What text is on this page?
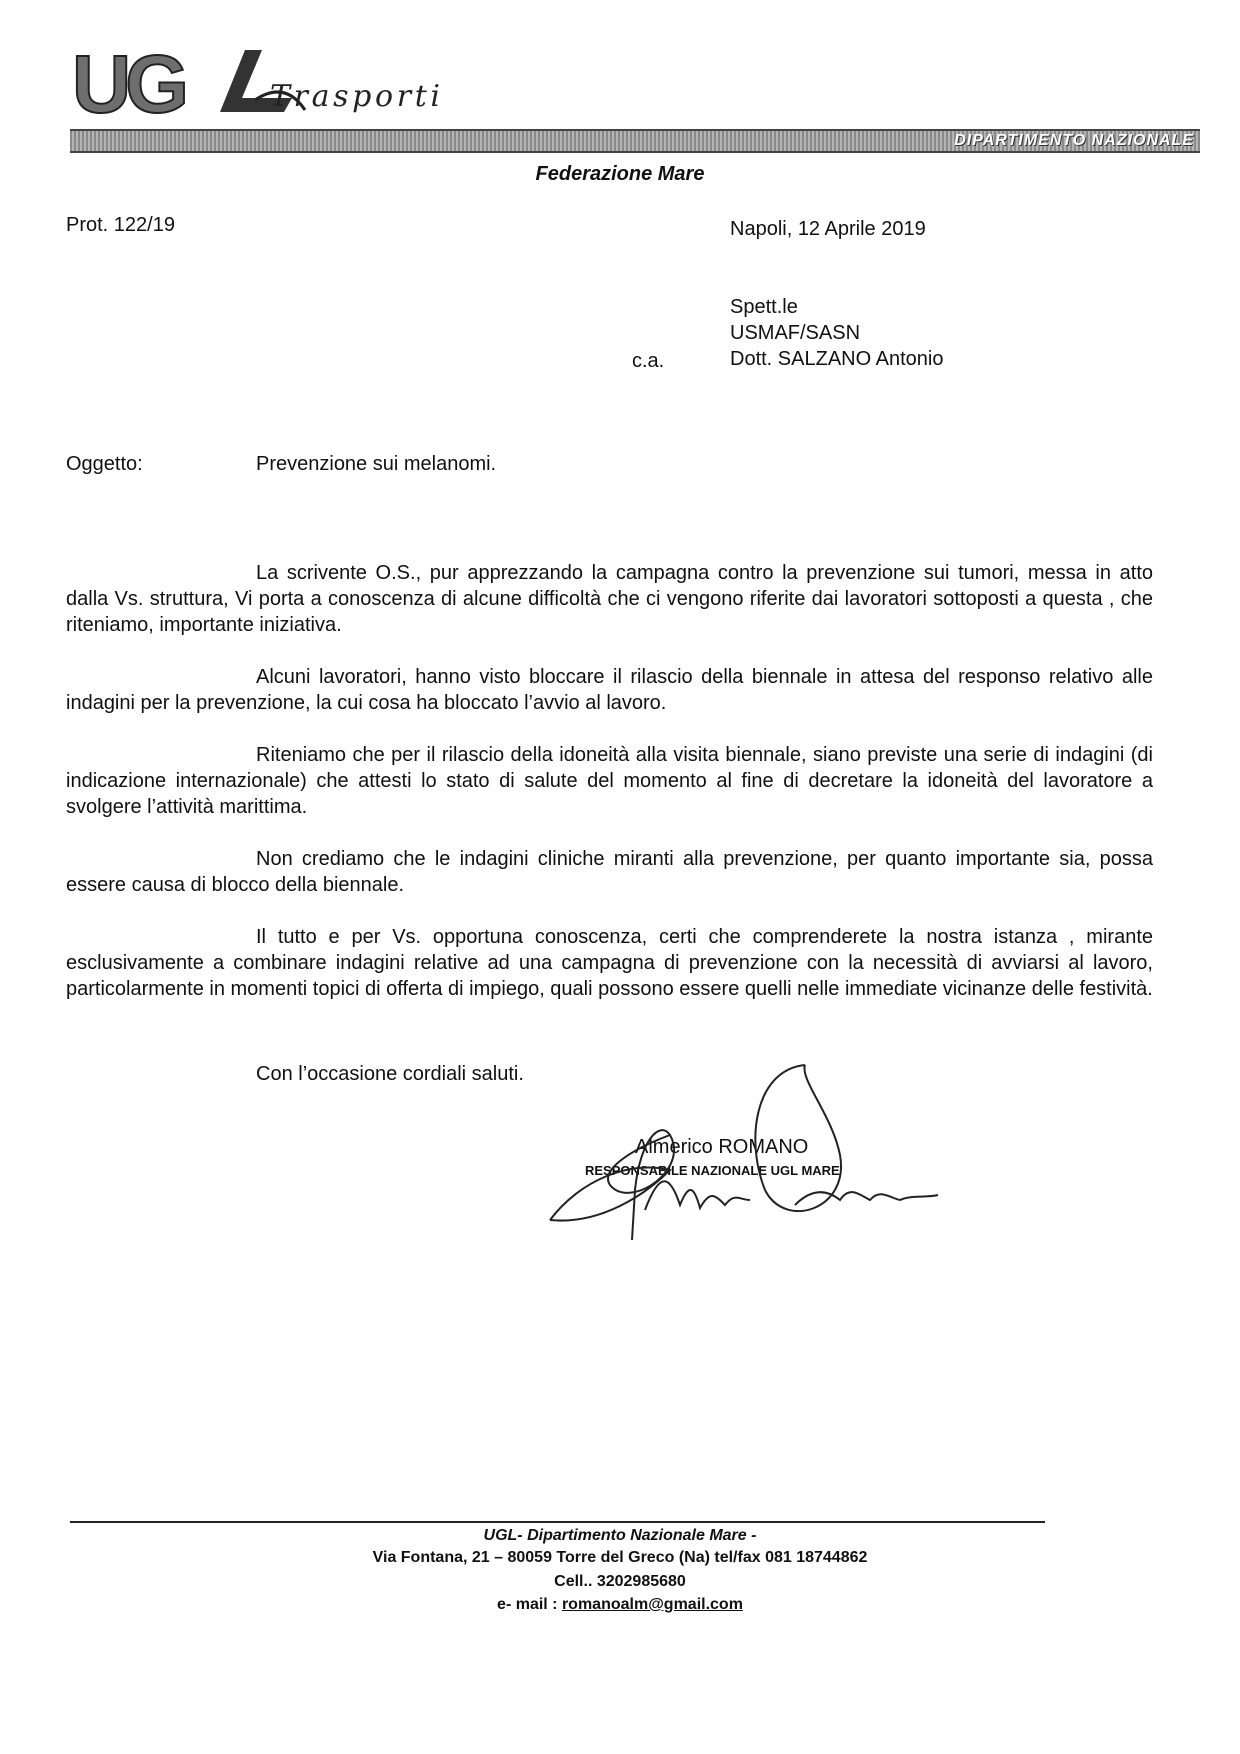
UG	Trasporti
DIPARTIMENTO NAZIONALE
Federazione Mare
Prot. 122/19	Napoli, 12 Aprile 2019
Spett.le
USMAF/SASN
c.a.	Dott. SALZANO Antonio
Oggetto:	Prevenzione sui melanomi.

La scrivente O.S., pur apprezzando la campagna contro la prevenzione sui tumori, messa in atto dalla Vs. struttura, Vi porta a conoscenza di alcune difficoltà che ci vengono riferite dai lavoratori sottoposti a questa , che riteniamo, importante iniziativa.

Alcuni lavoratori, hanno visto bloccare il rilascio della biennale in attesa del responso relativo alle indagini per la prevenzione, la cui cosa ha bloccato l’avvio al lavoro.

Riteniamo che per il rilascio della idoneità alla visita biennale, siano previste una serie di indagini (di indicazione internazionale) che attesti lo stato di salute del momento al fine di decretare la idoneità del lavoratore a svolgere l’attività marittima.

Non crediamo che le indagini cliniche miranti alla prevenzione, per quanto importante sia, possa essere causa di blocco della biennale.

Il tutto e per Vs. opportuna conoscenza, certi che comprenderete la nostra istanza , mirante esclusivamente a combinare indagini relative ad una campagna di prevenzione con la necessità di avviarsi al lavoro, particolarmente in momenti topici di offerta di impiego, quali possono essere quelli nelle immediate vicinanze delle festività.

Con l’occasione cordiali saluti.
Almerico ROMANO
RESPONSABILE NAZIONALE UGL MARE
UGL- Dipartimento Nazionale Mare -
Via Fontana, 21 – 80059 Torre del Greco (Na) tel/fax 081 18744862
Cell.. 3202985680
e- mail : romanoalm@gmail.com
